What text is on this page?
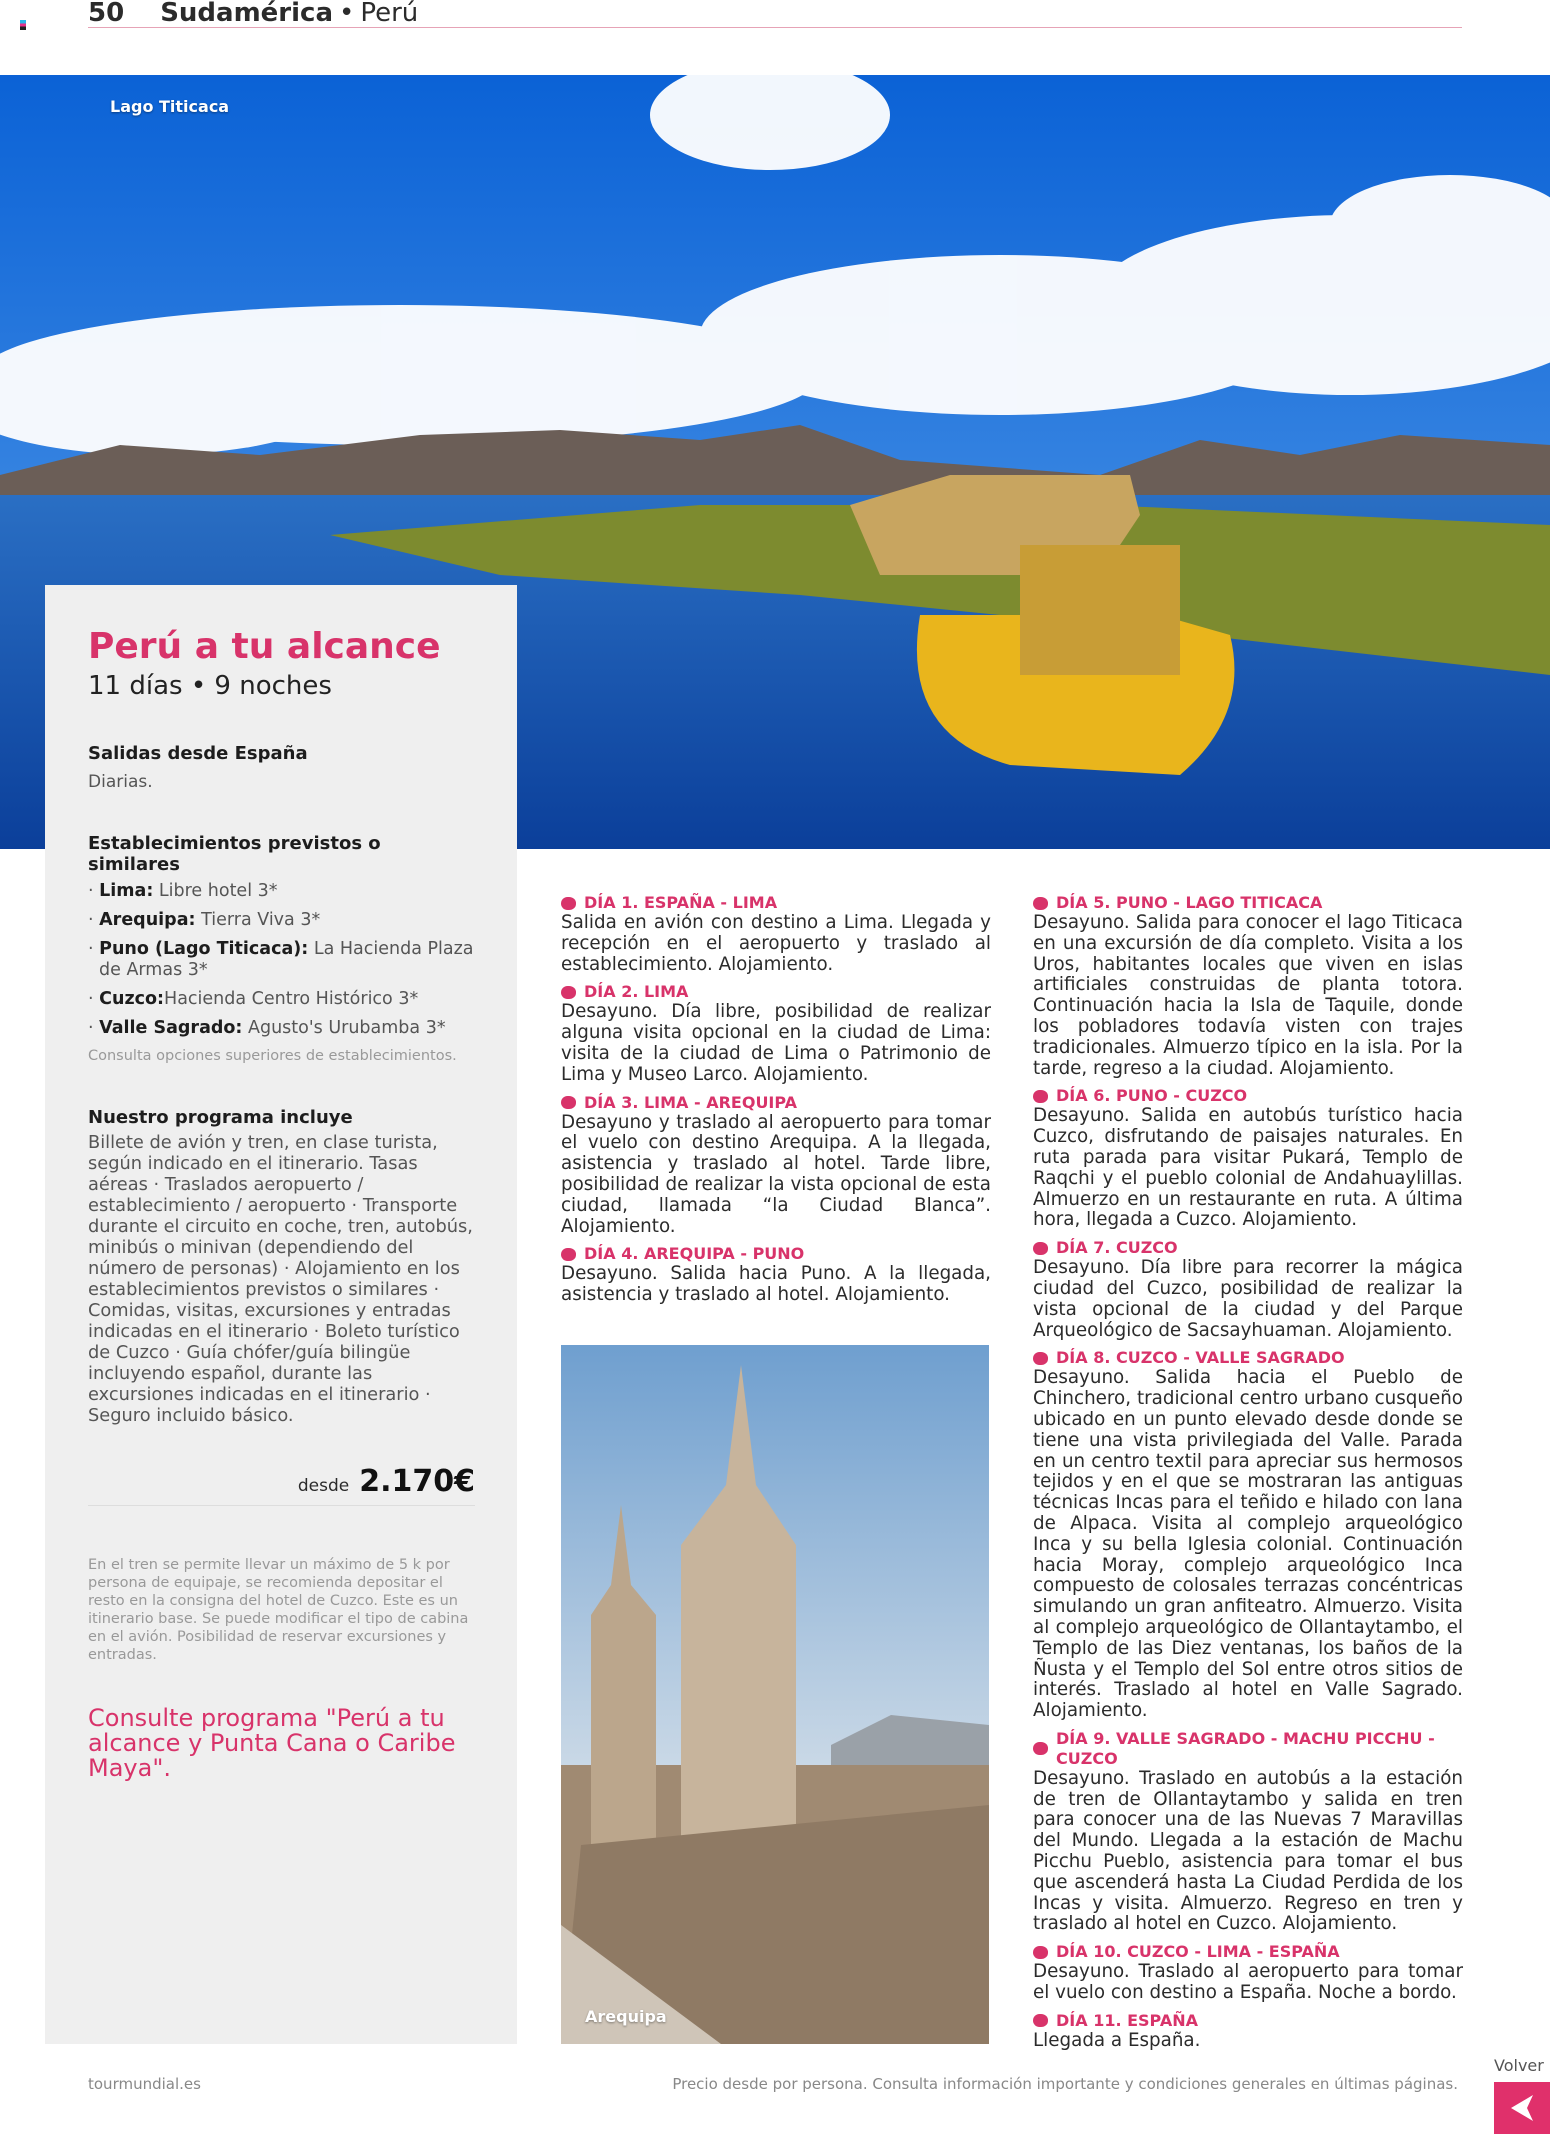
50 Sudamérica • Perú
Lago Titicaca
Perú a tu alcance
11 días • 9 noches
Salidas desde España
Diarias.
Establecimientos previstos o similares
· Lima: Libre hotel 3*
· Arequipa: Tierra Viva 3*
· Puno (Lago Titicaca): La Hacienda Plaza de Armas 3*
· Cuzco:Hacienda Centro Histórico 3*
· Valle Sagrado: Agusto's Urubamba 3*
Consulta opciones superiores de establecimientos.
Nuestro programa incluye
Billete de avión y tren, en clase turista, según indicado en el itinerario. Tasas aéreas · Traslados aeropuerto / establecimiento / aeropuerto · Transporte durante el circuito en coche, tren, autobús, minibús o minivan (dependiendo del número de personas) · Alojamiento en los establecimientos previstos o similares · Comidas, visitas, excursiones y entradas indicadas en el itinerario · Boleto turístico de Cuzco · Guía chófer/guía bilingüe incluyendo español, durante las excursiones indicadas en el itinerario · Seguro incluido básico.
desde 2.170€
En el tren se permite llevar un máximo de 5 k por persona de equipaje, se recomienda depositar el resto en la consigna del hotel de Cuzco. Este es un itinerario base. Se puede modificar el tipo de cabina en el avión. Posibilidad de reservar excursiones y entradas.
Consulte programa "Perú a tu alcance y Punta Cana o Caribe Maya".
DÍA 1. ESPAÑA - LIMA
Salida en avión con destino a Lima. Llegada y recepción en el aeropuerto y traslado al establecimiento. Alojamiento.
DÍA 2. LIMA
Desayuno. Día libre, posibilidad de realizar alguna visita opcional en la ciudad de Lima: visita de la ciudad de Lima o Patrimonio de Lima y Museo Larco. Alojamiento.
DÍA 3. LIMA - AREQUIPA
Desayuno y traslado al aeropuerto para tomar el vuelo con destino Arequipa. A la llegada, asistencia y traslado al hotel. Tarde libre, posibilidad de realizar la vista opcional de esta ciudad, llamada “la Ciudad Blanca”. Alojamiento.
DÍA 4. AREQUIPA - PUNO
Desayuno. Salida hacia Puno. A la llegada, asistencia y traslado al hotel. Alojamiento.
DÍA 5. PUNO - LAGO TITICACA
Desayuno. Salida para conocer el lago Titicaca en una excursión de día completo. Visita a los Uros, habitantes locales que viven en islas artificiales construidas de planta totora. Continuación hacia la Isla de Taquile, donde los pobladores todavía visten con trajes tradicionales. Almuerzo típico en la isla. Por la tarde, regreso a la ciudad. Alojamiento.
DÍA 6. PUNO - CUZCO
Desayuno. Salida en autobús turístico hacia Cuzco, disfrutando de paisajes naturales. En ruta parada para visitar Pukará, Templo de Raqchi y el pueblo colonial de Andahuaylillas. Almuerzo en un restaurante en ruta. A última hora, llegada a Cuzco. Alojamiento.
DÍA 7. CUZCO
Desayuno. Día libre para recorrer la mágica ciudad del Cuzco, posibilidad de realizar la vista opcional de la ciudad y del Parque Arqueológico de Sacsayhuaman. Alojamiento.
DÍA 8. CUZCO - VALLE SAGRADO
Desayuno. Salida hacia el Pueblo de Chinchero, tradicional centro urbano cusqueño ubicado en un punto elevado desde donde se tiene una vista privilegiada del Valle. Parada en un centro textil para apreciar sus hermosos tejidos y en el que se mostraran las antiguas técnicas Incas para el teñido e hilado con lana de Alpaca. Visita al complejo arqueológico Inca y su bella Iglesia colonial. Continuación hacia Moray, complejo arqueológico Inca compuesto de colosales terrazas concéntricas simulando un gran anfiteatro. Almuerzo. Visita al complejo arqueológico de Ollantaytambo, el Templo de las Diez ventanas, los baños de la Ñusta y el Templo del Sol entre otros sitios de interés. Traslado al hotel en Valle Sagrado. Alojamiento.
DÍA 9. VALLE SAGRADO - MACHU PICCHU - CUZCO
Desayuno. Traslado en autobús a la estación de tren de Ollantaytambo y salida en tren para conocer una de las Nuevas 7 Maravillas del Mundo. Llegada a la estación de Machu Picchu Pueblo, asistencia para tomar el bus que ascenderá hasta La Ciudad Perdida de los Incas y visita. Almuerzo. Regreso en tren y traslado al hotel en Cuzco. Alojamiento.
DÍA 10. CUZCO - LIMA - ESPAÑA
Desayuno. Traslado al aeropuerto para tomar el vuelo con destino a España. Noche a bordo.
DÍA 11. ESPAÑA
Llegada a España.
Arequipa
tourmundial.es	Precio desde por persona. Consulta información importante y condiciones generales en últimas páginas.
Volver
